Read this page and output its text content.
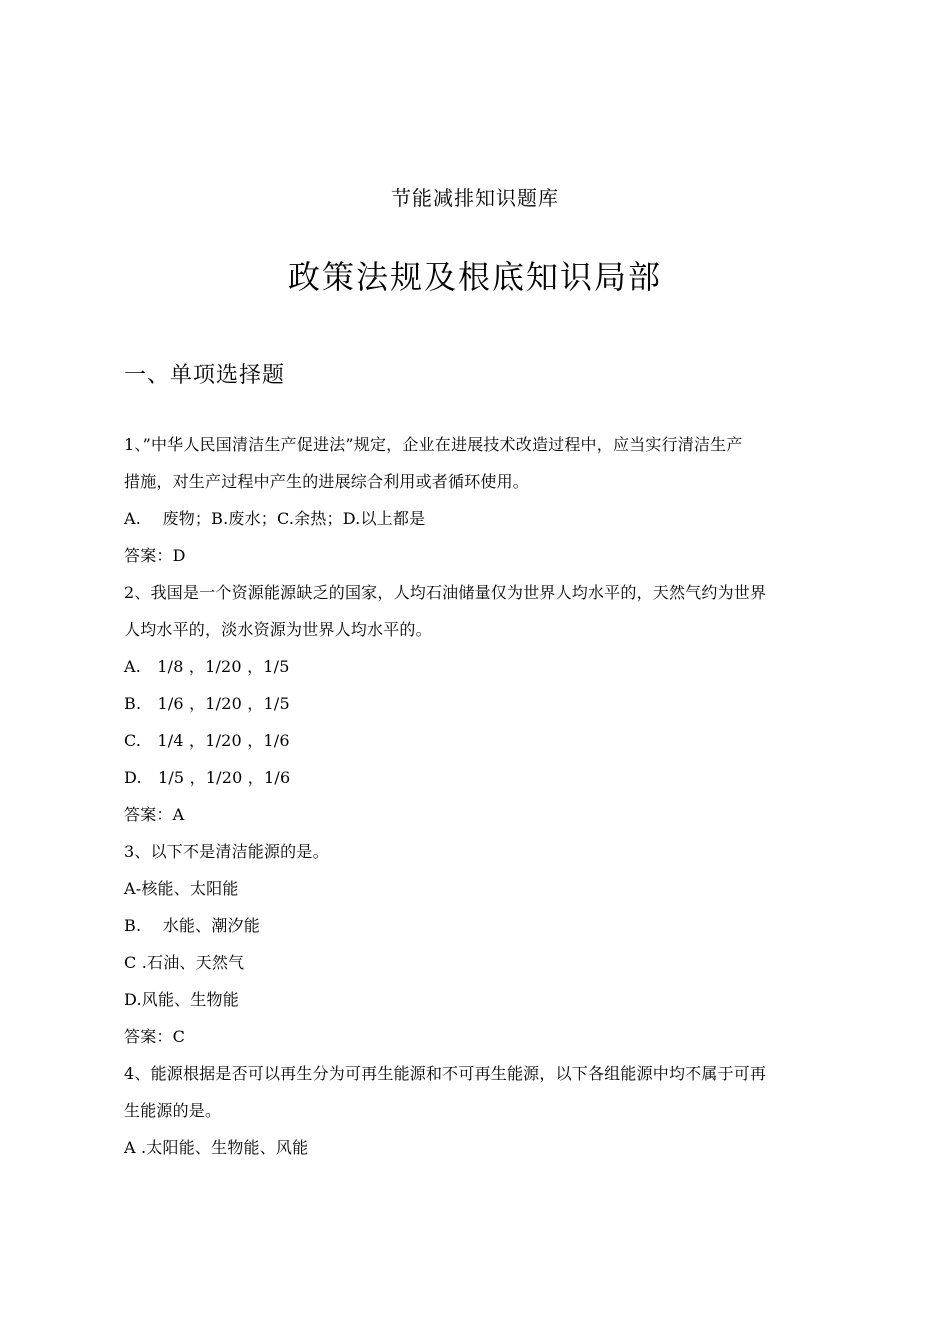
节能减排知识题库
政策法规及根底知识局部
一、单项选择题
1、”中华人民国清洁生产促进法”规定，企业在进展技术改造过程中，应当实行清洁生产
措施，对生产过程中产生的进展综合利用或者循环使用。
A.　 废物；B.废水；C.余热；D.以上都是
答案：D
2、我国是一个资源能源缺乏的国家，人均石油储量仅为世界人均水平的，天然气约为世界
人均水平的，淡水资源为世界人均水平的。
A.　1/8 ，1/20 ，1/5
B.　1/6 ，1/20 ，1/5
C.　1/4 ，1/20 ，1/6
D.　1/5 ，1/20 ，1/6
答案：A
3、以下不是清洁能源的是。
A-核能、太阳能
B.　 水能、潮汐能
C .石油、天然气
D.风能、生物能
答案：C
4、能源根据是否可以再生分为可再生能源和不可再生能源，以下各组能源中均不属于可再
生能源的是。
A .太阳能、生物能、风能
